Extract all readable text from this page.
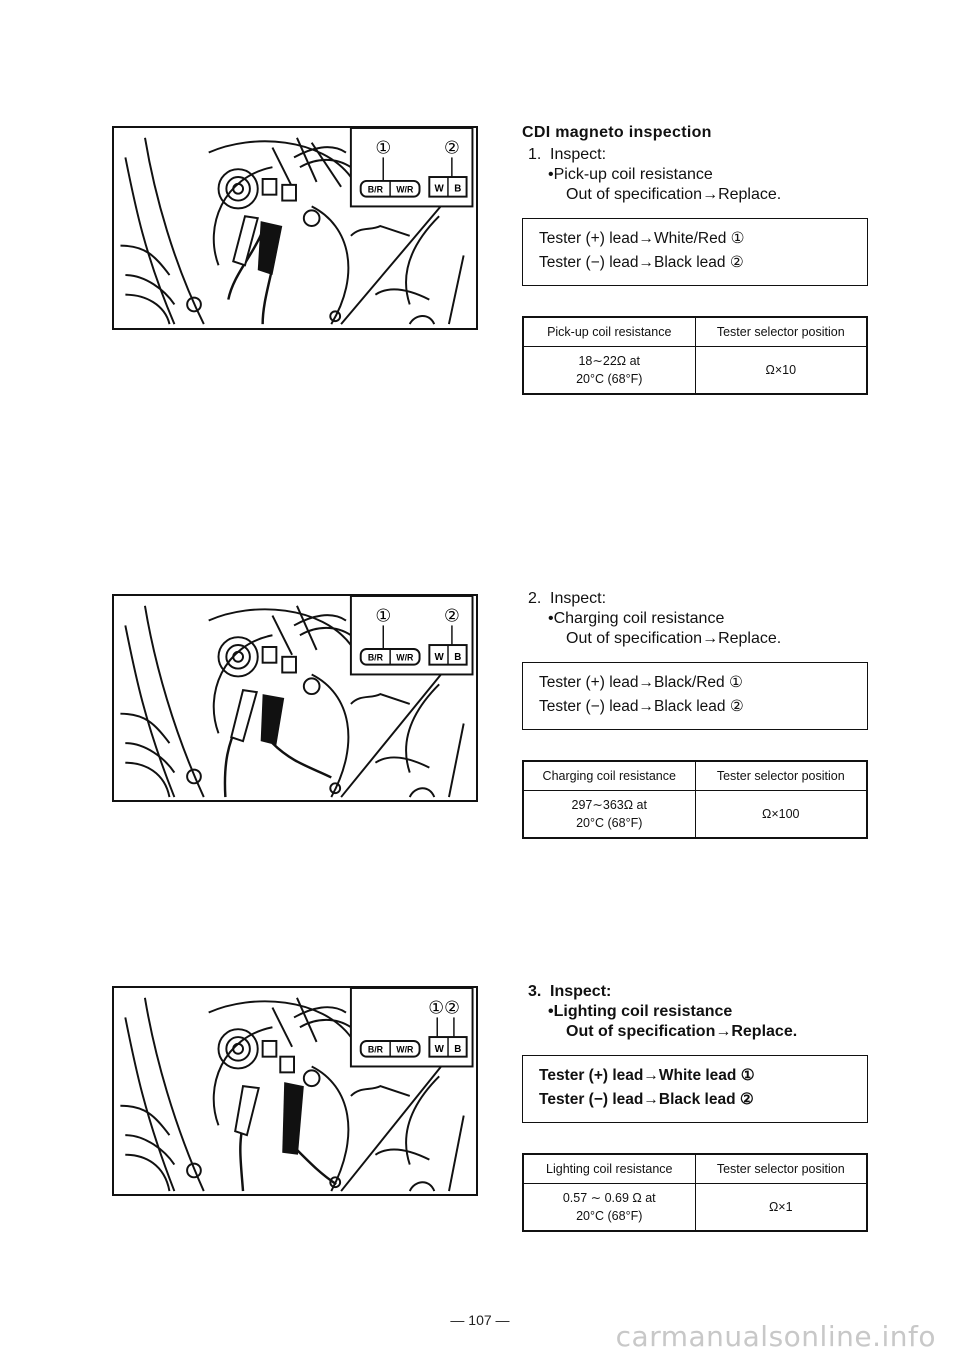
①	②
B/R W/R W B
①	②
B/R W/R W B
①②
B/R W/R W B
CDI magneto inspection
1. Inspect:
•Pick-up coil resistance
Out of specification→Replace.
Tester (+) lead→White/Red ①
Tester (−) lead→Black lead ②
Pick-up coil resistance	Tester selector position
18∼22Ω at
20°C (68°F)	Ω×10
2. Inspect:
•Charging coil resistance
Out of specification→Replace.
Tester (+) lead→Black/Red ①
Tester (−) lead→Black lead ②
Charging coil resistance	Tester selector position
297∼363Ω at
20°C (68°F)	Ω×100
3. Inspect:
•Lighting coil resistance
Out of specification→Replace.
Tester (+) lead→White lead ①
Tester (−) lead→Black lead ②
Lighting coil resistance	Tester selector position
0.57 ∼ 0.69 Ω at
20°C (68°F)	Ω×1
— 107 —	carmanualsonline.info
